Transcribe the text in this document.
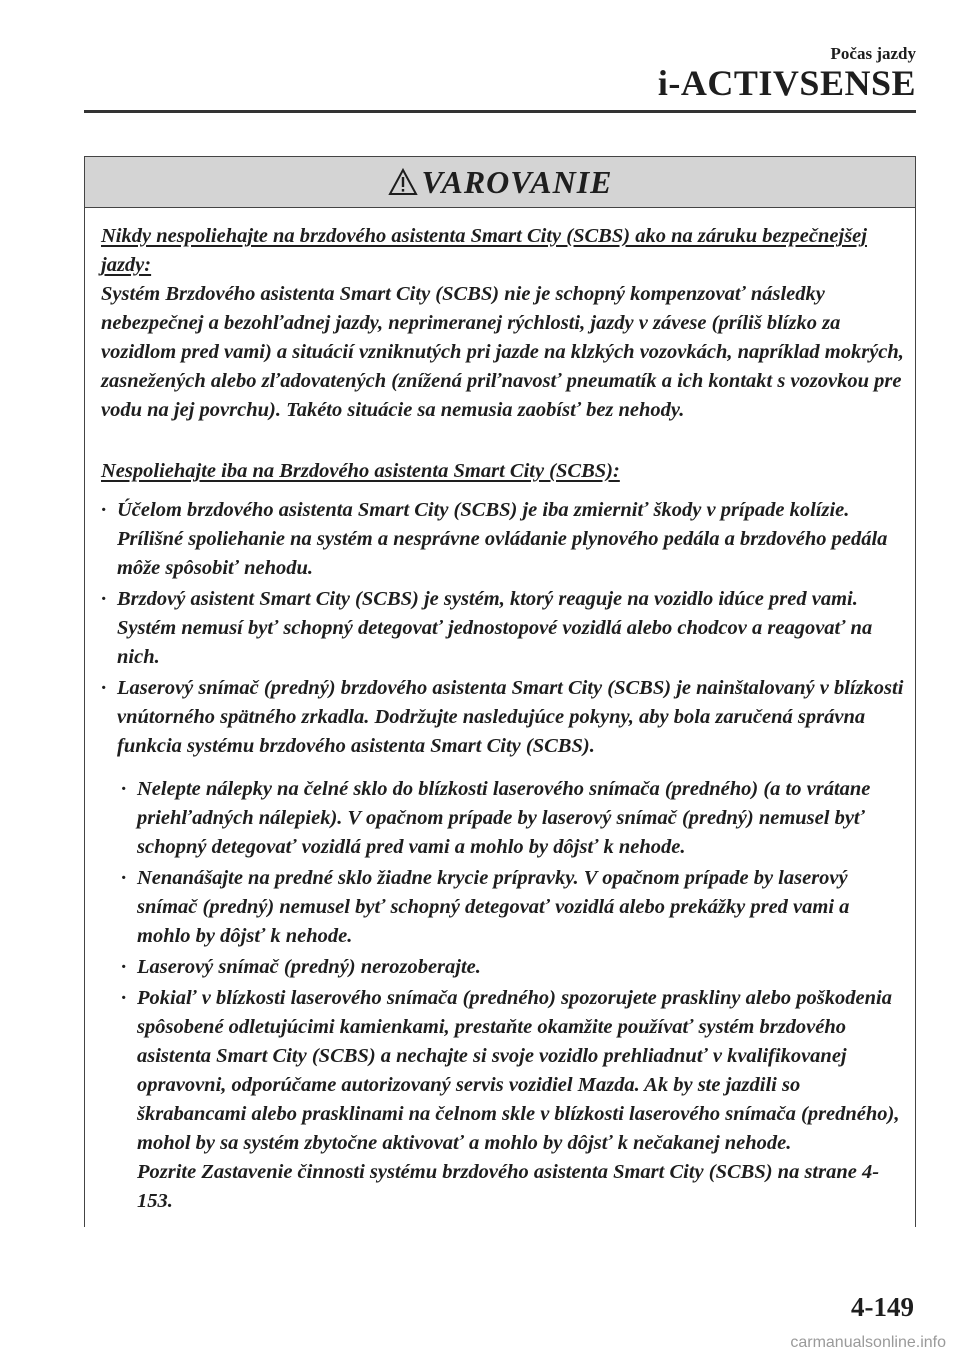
Počas jazdy
i-ACTIVSENSE
VAROVANIE

Nikdy nespoliehajte na brzdového asistenta Smart City (SCBS) ako na záruku bezpečnejšej jazdy:

Systém Brzdového asistenta Smart City (SCBS) nie je schopný kompenzovať následky nebezpečnej a bezohľadnej jazdy, neprimeranej rýchlosti, jazdy v závese (príliš blízko za vozidlom pred vami) a situácií vzniknutých pri jazde na klzkých vozovkách, napríklad mokrých, zasnežených alebo zľadovatených (znížená priľnavosť pneumatík a ich kontakt s vozovkou pre vodu na jej povrchu). Takéto situácie sa nemusia zaobísť bez nehody.

Nespoliehajte iba na Brzdového asistenta Smart City (SCBS):

· Účelom brzdového asistenta Smart City (SCBS) je iba zmierniť škody v prípade kolízie. Prílišné spoliehanie na systém a nesprávne ovládanie plynového pedála a brzdového pedála môže spôsobiť nehodu.
· Brzdový asistent Smart City (SCBS) je systém, ktorý reaguje na vozidlo idúce pred vami. Systém nemusí byť schopný detegovať jednostopové vozidlá alebo chodcov a reagovať na nich.
· Laserový snímač (predný) brzdového asistenta Smart City (SCBS) je nainštalovaný v blízkosti vnútorného spätného zrkadla. Dodržujte nasledujúce pokyny, aby bola zaručená správna funkcia systému brzdového asistenta Smart City (SCBS).
· Nelepte nálepky na čelné sklo do blízkosti laserového snímača (predného) (a to vrátane priehľadných nálepiek). V opačnom prípade by laserový snímač (predný) nemusel byť schopný detegovať vozidlá pred vami a mohlo by dôjsť k nehode.
· Nenanášajte na predné sklo žiadne krycie prípravky. V opačnom prípade by laserový snímač (predný) nemusel byť schopný detegovať vozidlá alebo prekážky pred vami a mohlo by dôjsť k nehode.
· Laserový snímač (predný) nerozoberajte.
· Pokiaľ v blízkosti laserového snímača (predného) spozorujete praskliny alebo poškodenia spôsobené odletujúcimi kamienkami, prestaňte okamžite používať systém brzdového asistenta Smart City (SCBS) a nechajte si svoje vozidlo prehliadnuť v kvalifikovanej opravovni, odporúčame autorizovaný servis vozidiel Mazda. Ak by ste jazdili so škrabancami alebo prasklinami na čelnom skle v blízkosti laserového snímača (predného), mohol by sa systém zbytočne aktivovať a mohlo by dôjsť k nečakanej nehode.
Pozrite Zastavenie činnosti systému brzdového asistenta Smart City (SCBS) na strane 4-153.
4-149
carmanualsonline.info
